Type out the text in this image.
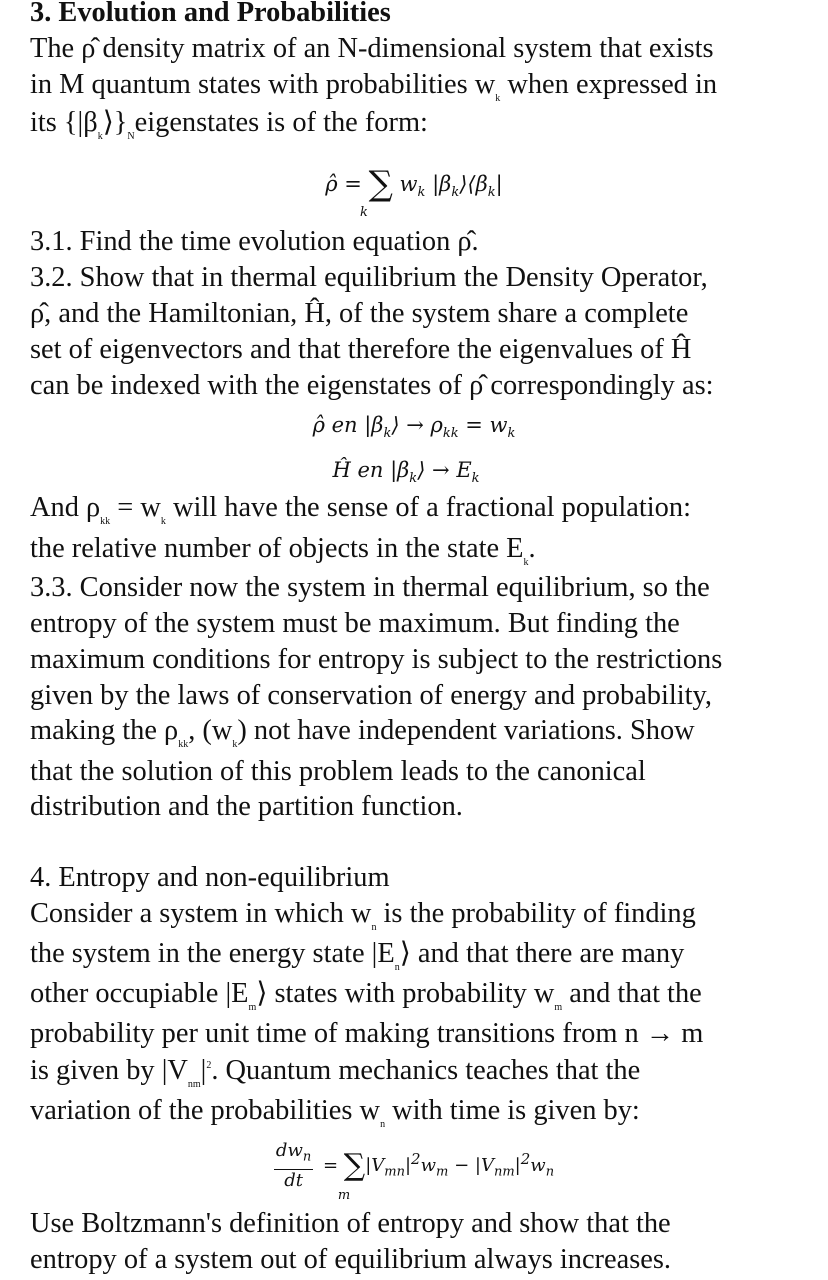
3. Evolution and Probabilities
The ρ̂ density matrix of an N-dimensional system that exists
in M quantum states with probabilities $w_k$ when expressed in
its $\{|\beta_k⟩\}_Neigenstates$ is of the form:
ρ̂ = ∑ $w_k$ $|\beta_k⟩⟨\beta_k|$
k
3.1. Find the time evolution equation ρ̂.
3.2. Show that in thermal equilibrium the Density Operator,
ρ̂, and the Hamiltonian, Ĥ, of the system share a complete
set of eigenvectors and that therefore the eigenvalues of Ĥ
can be indexed with the eigenstates of ρ̂ correspondingly as:
ρ̂ en $|\beta_k⟩ \to \rho_{kk} = w_k$
Ĥ en $|\beta_k⟩ \to E_k$
And $\rho_{kk} = w_k$ will have the sense of a fractional population:
the relative number of objects in the state $E_k$.
3.3. Consider now the system in thermal equilibrium, so the
entropy of the system must be maximum. But finding the
maximum conditions for entropy is subject to the restrictions
given by the laws of conservation of energy and probability,
making the $\rho_{kk}$, $(w_k)$ not have independent variations. Show
that the solution of this problem leads to the canonical
distribution and the partition function.
4. Entropy and non-equilibrium
Consider a system in which $w_n$ is the probability of finding
the system in the energy state $|E_n⟩$ and that there are many
other occupiable $|E_m⟩$ states with probability $w_m$ and that the
probability per unit time of making transitions from n → m
is given by $|V_{nm}|^2$. Quantum mechanics teaches that the
variation of the probabilities $w_n$ with time is given by:
$\frac{dw_n}{dt} = \sum|V_{mn}|^2w_m - |V_{nm}|^2w_n$
m
Use Boltzmann's definition of entropy and show that the
entropy of a system out of equilibrium always increases.
